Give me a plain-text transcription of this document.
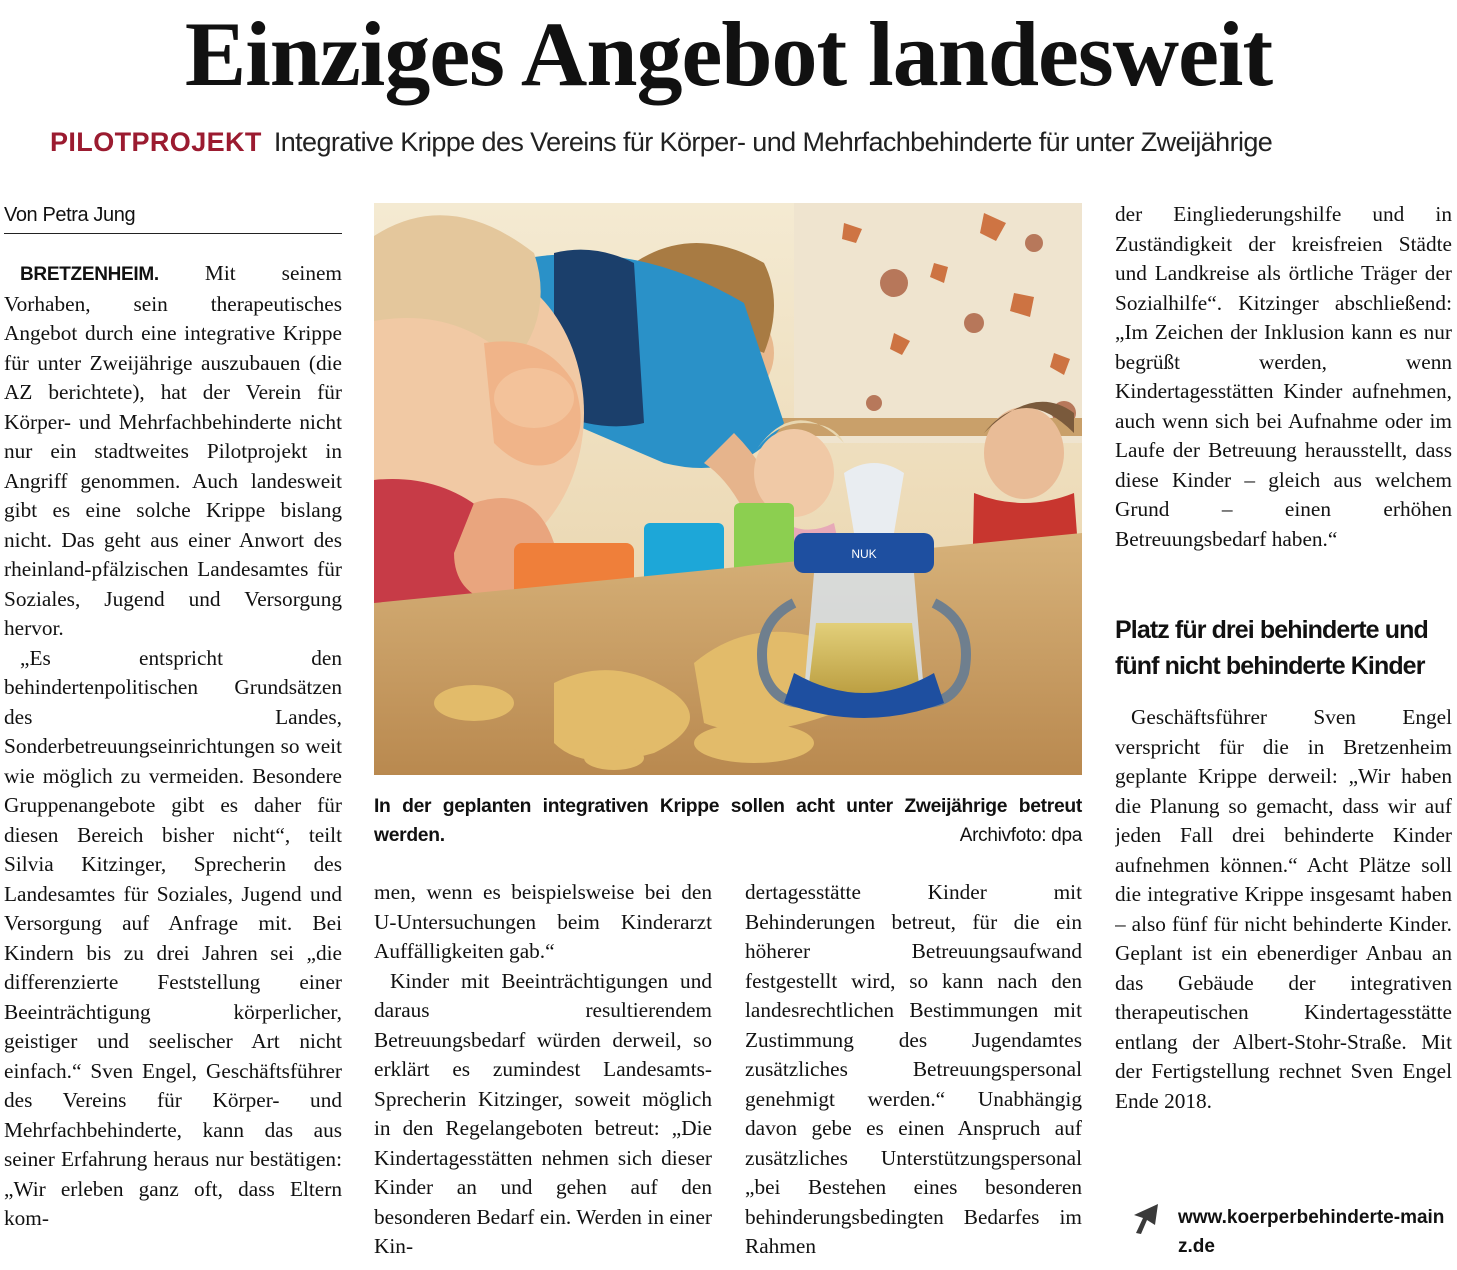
Einziges Angebot landesweit
PILOTPROJEKT Integrative Krippe des Vereins für Körper- und Mehrfachbehinderte für unter Zweijährige
Von Petra Jung

BRETZENHEIM. Mit seinem Vorhaben, sein therapeutisches Angebot durch eine integrative Krippe für unter Zweijährige auszubauen (die AZ berichtete), hat der Verein für Körper- und Mehrfachbehinderte nicht nur ein stadtweites Pilotprojekt in Angriff genommen. Auch landesweit gibt es eine solche Krippe bislang nicht. Das geht aus einer Anwort des rheinland-pfälzischen Landesamtes für Soziales, Jugend und Versorgung hervor.

„Es entspricht den behindertenpolitischen Grundsätzen des Landes, Sonderbetreuungseinrichtungen so weit wie möglich zu vermeiden. Besondere Gruppenangebote gibt es daher für diesen Bereich bisher nicht“, teilt Silvia Kitzinger, Sprecherin des Landesamtes für Soziales, Jugend und Versorgung auf Anfrage mit. Bei Kindern bis zu drei Jahren sei „die differenzierte Feststellung einer Beeinträchtigung körperlicher, geistiger und seelischer Art nicht einfach.“ Sven Engel, Geschäftsführer des Vereins für Körper- und Mehrfachbehinderte, kann das aus seiner Erfahrung heraus nur bestätigen: „Wir erleben ganz oft, dass Eltern kom-

NUK
In der geplanten integrativen Krippe sollen acht unter Zweijährige betreut werden.	Archivfoto: dpa

men, wenn es beispielsweise bei den U-Untersuchungen beim Kinderarzt Auffälligkeiten gab.“

Kinder mit Beeinträchtigungen und daraus resultierendem Betreuungsbedarf würden derweil, so erklärt es zumindest Landesamts-Sprecherin Kitzinger, soweit möglich in den Regelangeboten betreut: „Die Kindertagesstätten nehmen sich dieser Kinder an und gehen auf den besonderen Bedarf ein. Werden in einer Kin-

dertagesstätte Kinder mit Behinderungen betreut, für die ein höherer Betreuungsaufwand festgestellt wird, so kann nach den landesrechtlichen Bestimmungen mit Zustimmung des Jugendamtes zusätzliches Betreuungspersonal genehmigt werden.“ Unabhängig davon gebe es einen Anspruch auf zusätzliches Unterstützungspersonal „bei Bestehen eines besonderen behinderungsbedingten Bedarfes im Rahmen

der Eingliederungshilfe und in Zuständigkeit der kreisfreien Städte und Landkreise als örtliche Träger der Sozialhilfe“. Kitzinger abschließend: „Im Zeichen der Inklusion kann es nur begrüßt werden, wenn Kindertagesstätten Kinder aufnehmen, auch wenn sich bei Aufnahme oder im Laufe der Betreuung herausstellt, dass diese Kinder – gleich aus welchem Grund – einen erhöhen Betreuungsbedarf haben.“

Platz für drei behinderte und fünf nicht behinderte Kinder

Geschäftsführer Sven Engel verspricht für die in Bretzenheim geplante Krippe derweil: „Wir haben die Planung so gemacht, dass wir auf jeden Fall drei behinderte Kinder aufnehmen können.“ Acht Plätze soll die integrative Krippe insgesamt haben – also fünf für nicht behinderte Kinder. Geplant ist ein ebenerdiger Anbau an das Gebäude der integrativen therapeutischen Kindertagesstätte entlang der Albert-Stohr-Straße. Mit der Fertigstellung rechnet Sven Engel Ende 2018.

www.koerperbehinderte-mainz.de
